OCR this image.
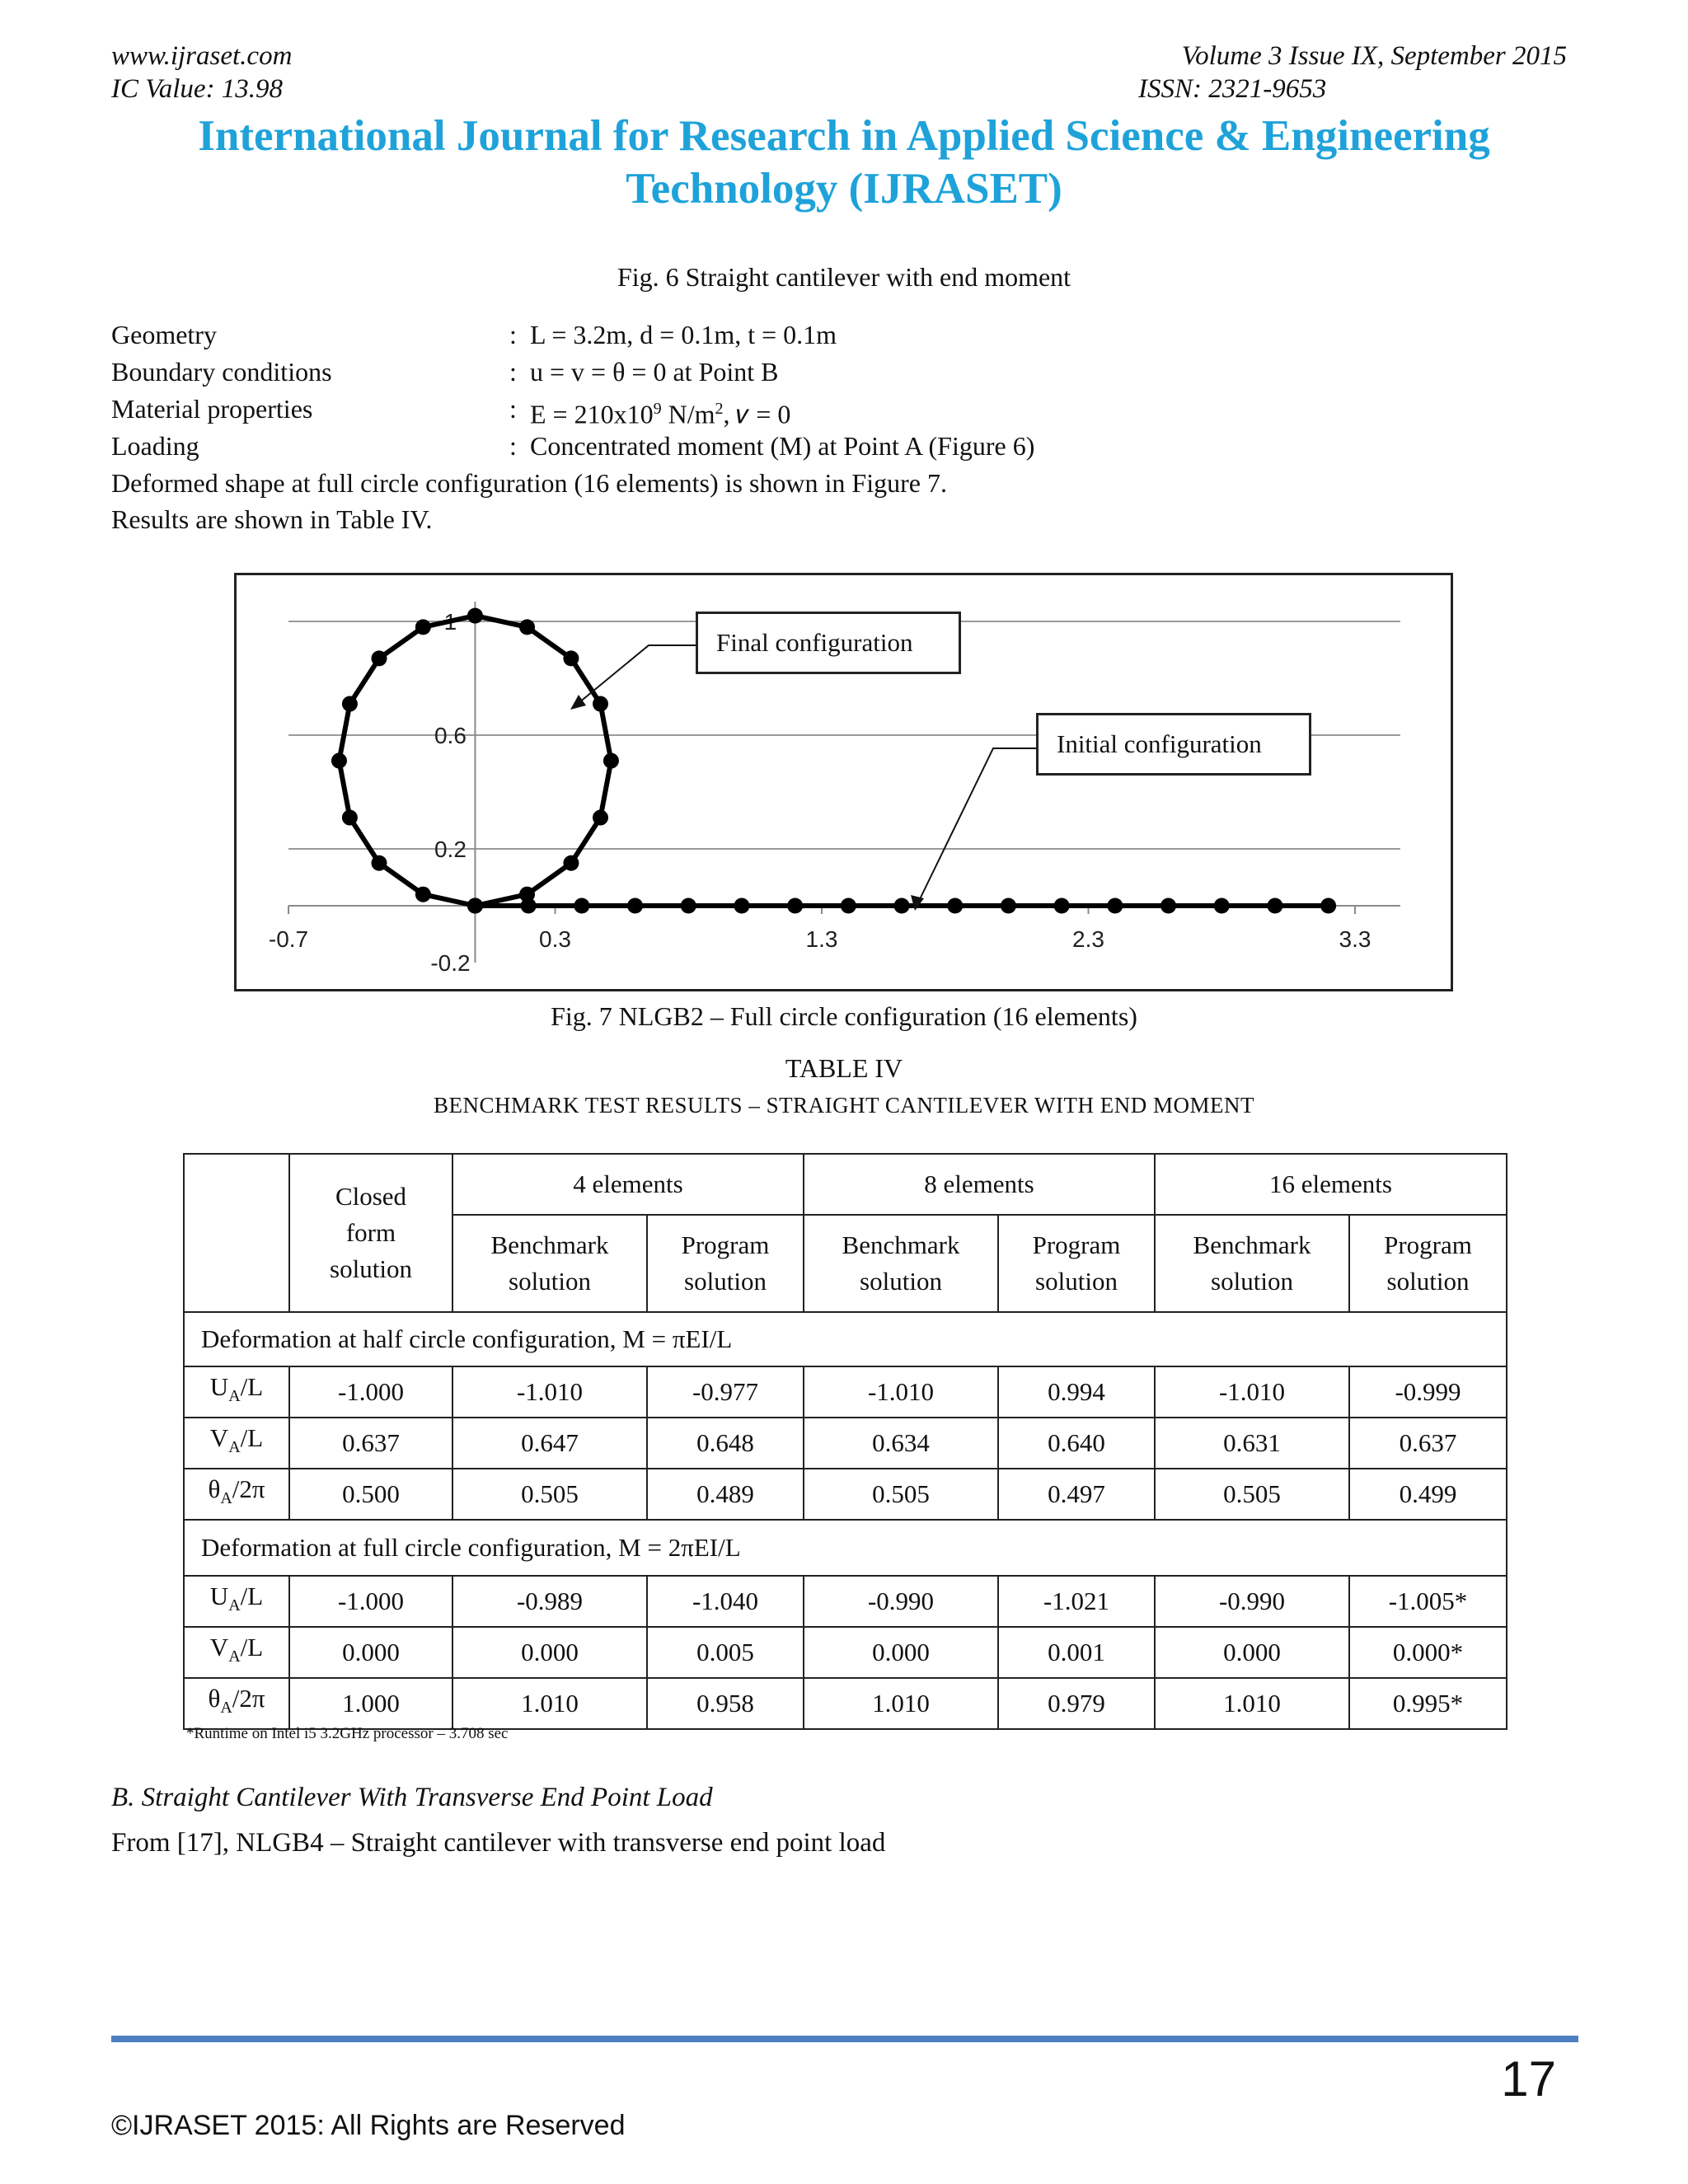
www.ijraset.com
IC Value: 13.98
Volume 3 Issue IX, September 2015
ISSN: 2321-9653
International Journal for Research in Applied Science & Engineering Technology (IJRASET)
Fig. 6 Straight cantilever with end moment
Geometry	: L = 3.2m, d = 0.1m, t = 0.1m
Boundary conditions	: u = v = θ = 0 at Point B
Material properties	: $E = 210x10^9$ $N/m^2$, 𝜈 = 0
Loading	: Concentrated moment (M) at Point A (Figure 6)
Deformed shape at full circle configuration (16 elements) is shown in Figure 7.
Results are shown in Table IV.
-0.7	0.3	1.3	2.3	3.3
-0.2
0.2
0.6
1
Final configuration
Initial configuration
Fig. 7 NLGB2 – Full circle configuration (16 elements)
TABLE IV
BENCHMARK TEST RESULTS – STRAIGHT CANTILEVER WITH END MOMENT

	Closed form solution	4 elements		8 elements		16 elements	

		Benchmark solution	Program solution	Benchmark solution	Program solution	Benchmark solution	Program solution

Deformation at half circle configuration, M = πEI/L							
$U_A/L$	-1.000	-1.010	-0.977	-1.010	0.994	-1.010	-0.999
$V_A/L$	0.637	0.647	0.648	0.634	0.640	0.631	0.637
$\theta_A/2\pi$	0.500	0.505	0.489	0.505	0.497	0.505	0.499
Deformation at full circle configuration, M = 2πEI/L							
$U_A/L$	-1.000	-0.989	-1.040	-0.990	-1.021	-0.990	-1.005*
$V_A/L$	0.000	0.000	0.005	0.000	0.001	0.000	0.000*
$\theta_A/2\pi$	1.000	1.010	0.958	1.010	0.979	1.010	0.995*
*Runtime on Intel i5 3.2GHz processor – 3.708 sec
B. Straight Cantilever With Transverse End Point Load
From [17], NLGB4 – Straight cantilever with transverse end point load
17
©IJRASET 2015: All Rights are Reserved
